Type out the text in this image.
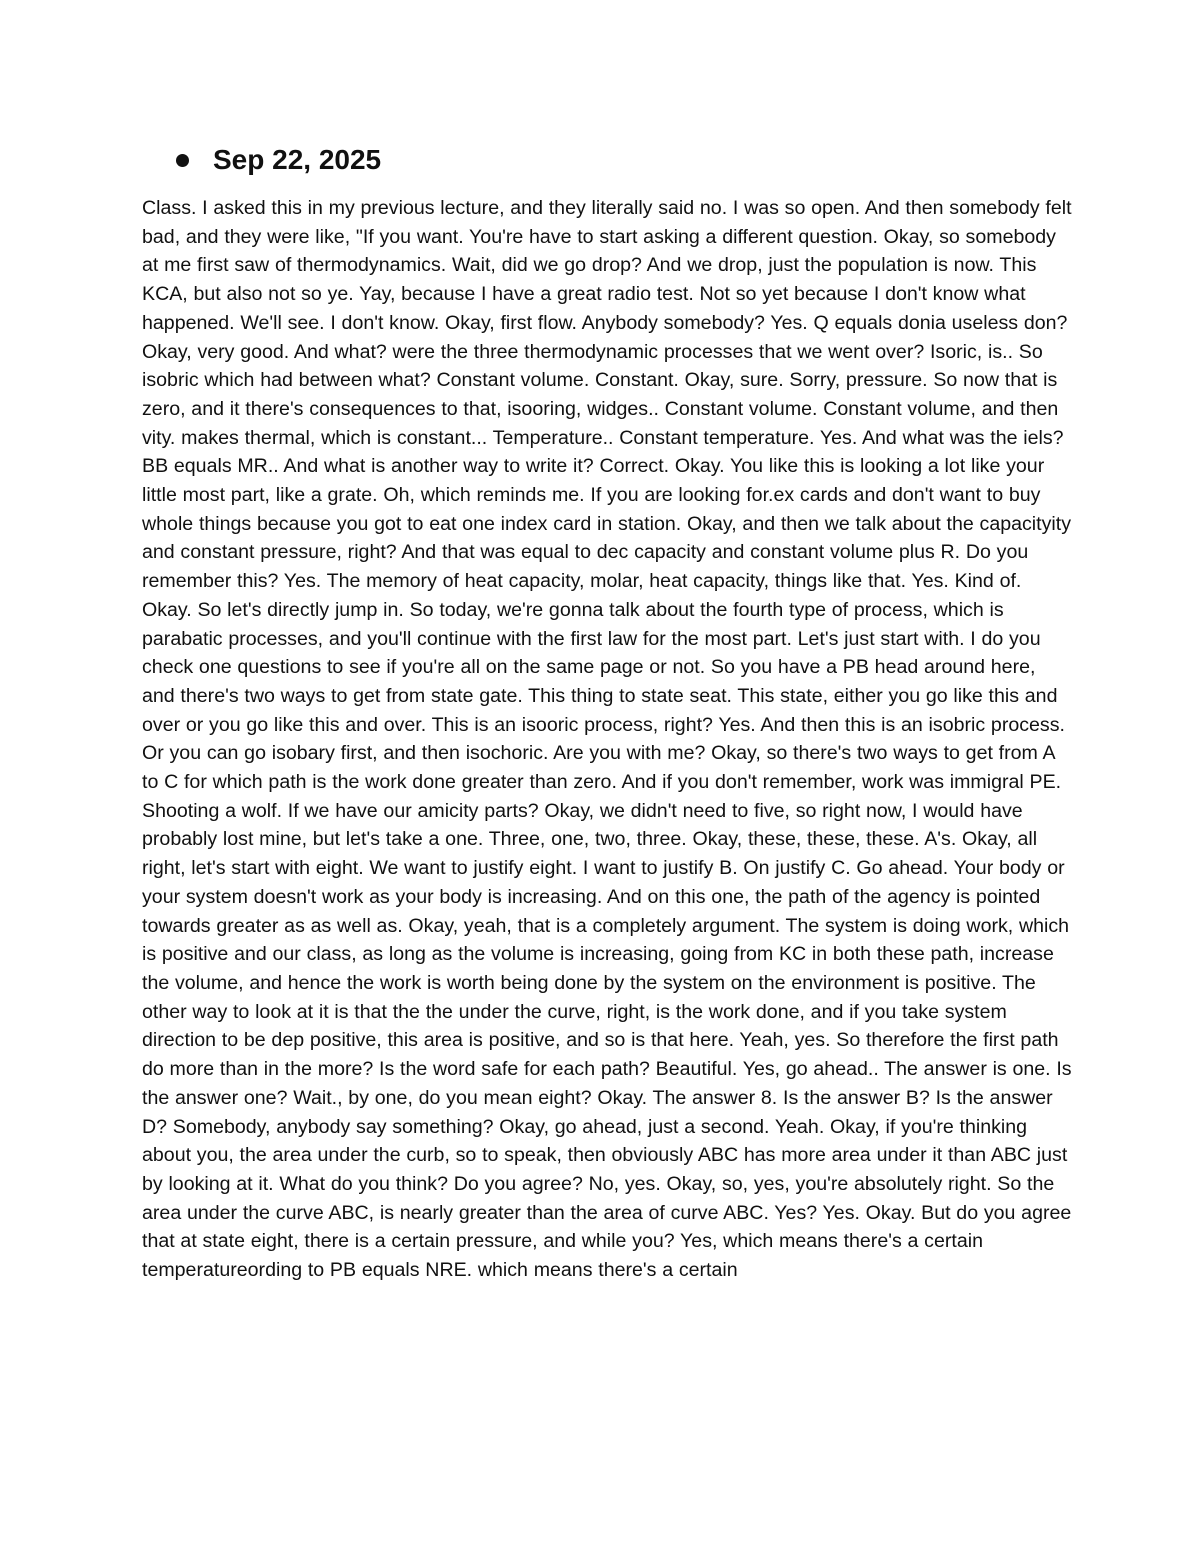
Sep 22, 2025

Class. I asked this in my previous lecture, and they literally said no. I was so open. And then somebody felt bad, and they were like, "If you want. You're have to start asking a different question. Okay, so somebody at me first saw of thermodynamics. Wait, did we go drop? And we drop, just the population is now. This KCA, but also not so ye. Yay, because I have a great radio test. Not so yet because I don't know what happened. We'll see. I don't know. Okay, first flow. Anybody somebody? Yes. Q equals donia useless don? Okay, very good. And what? were the three thermodynamic processes that we went over? Isoric, is.. So isobric which had between what? Constant volume. Constant. Okay, sure. Sorry, pressure. So now that is zero, and it there's consequences to that, isooring, widges.. Constant volume. Constant volume, and then vity. makes thermal, which is constant... Temperature.. Constant temperature. Yes. And what was the iels? BB equals MR.. And what is another way to write it? Correct. Okay. You like this is looking a lot like your little most part, like a grate. Oh, which reminds me. If you are looking for.ex cards and don't want to buy whole things because you got to eat one index card in station. Okay, and then we talk about the capacityity and constant pressure, right? And that was equal to dec capacity and constant volume plus R. Do you remember this? Yes. The memory of heat capacity, molar, heat capacity, things like that. Yes. Kind of. Okay. So let's directly jump in. So today, we're gonna talk about the fourth type of process, which is parabatic processes, and you'll continue with the first law for the most part. Let's just start with. I do you check one questions to see if you're all on the same page or not. So you have a PB head around here, and there's two ways to get from state gate. This thing to state seat. This state, either you go like this and over or you go like this and over. This is an isooric process, right? Yes. And then this is an isobric process. Or you can go isobary first, and then isochoric. Are you with me? Okay, so there's two ways to get from A to C for which path is the work done greater than zero. And if you don't remember, work was immigral PE. Shooting a wolf. If we have our amicity parts? Okay, we didn't need to five, so right now, I would have probably lost mine, but let's take a one. Three, one, two, three. Okay, these, these, these. A's. Okay, all right, let's start with eight. We want to justify eight. I want to justify B. On justify C. Go ahead. Your body or your system doesn't work as your body is increasing. And on this one, the path of the agency is pointed towards greater as as well as. Okay, yeah, that is a completely argument. The system is doing work, which is positive and our class, as long as the volume is increasing, going from KC in both these path, increase the volume, and hence the work is worth being done by the system on the environment is positive. The other way to look at it is that the the under the curve, right, is the work done, and if you take system direction to be dep positive, this area is positive, and so is that here. Yeah, yes. So therefore the first path do more than in the more? Is the word safe for each path? Beautiful. Yes, go ahead.. The answer is one. Is the answer one? Wait., by one, do you mean eight? Okay. The answer 8. Is the answer B? Is the answer D? Somebody, anybody say something? Okay, go ahead, just a second. Yeah. Okay, if you're thinking about you, the area under the curb, so to speak, then obviously ABC has more area under it than ABC just by looking at it. What do you think? Do you agree? No, yes. Okay, so, yes, you're absolutely right. So the area under the curve ABC, is nearly greater than the area of curve ABC. Yes? Yes. Okay. But do you agree that at state eight, there is a certain pressure, and while you? Yes, which means there's a certain temperatureording to PB equals NRE. which means there's a certain
